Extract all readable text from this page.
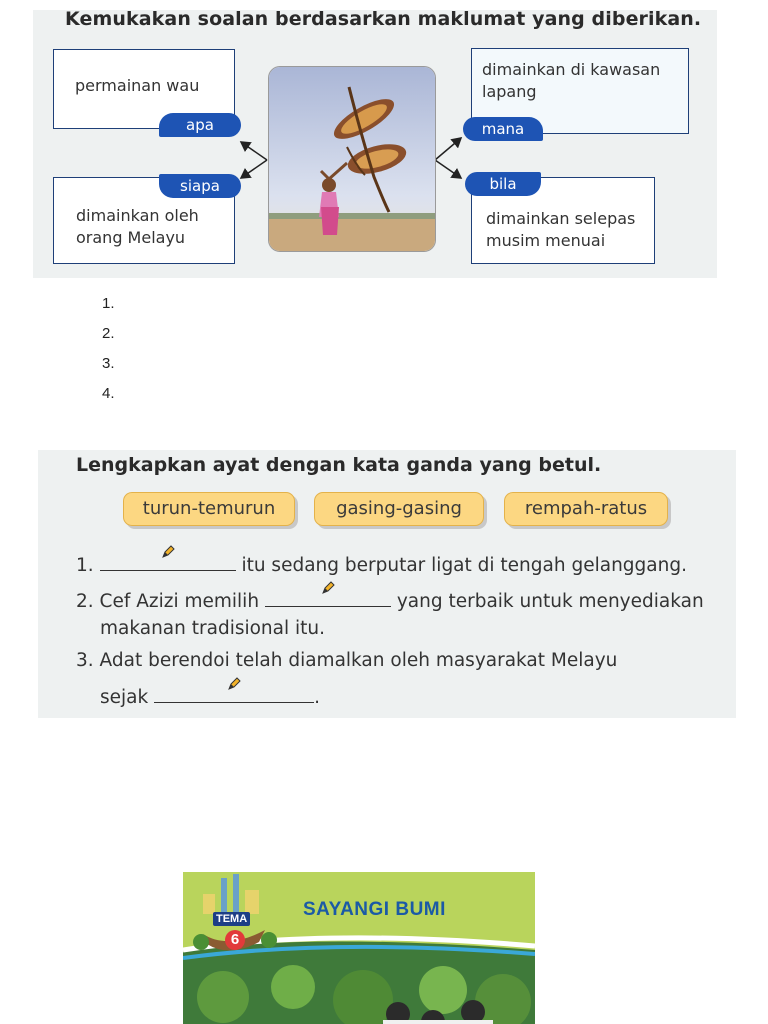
Kemukakan soalan berdasarkan maklumat yang diberikan.
permainan wau
dimainkan oleh
orang Melayu
dimainkan di kawasan
lapang
dimainkan selepas
musim menuai
apa
siapa
mana
bila
1.
2.
3.
4.
Lengkapkan ayat dengan kata ganda yang betul.
turun-temurun	gasing-gasing	rempah-ratus
1.	itu sedang berputar ligat di tengah gelanggang.
2. Cef Azizi memilih	yang terbaik untuk menyediakan
makanan tradisional itu.
3. Adat berendoi telah diamalkan oleh masyarakat Melayu
sejak	.
TEMA
6
SAYANGI BUMI
